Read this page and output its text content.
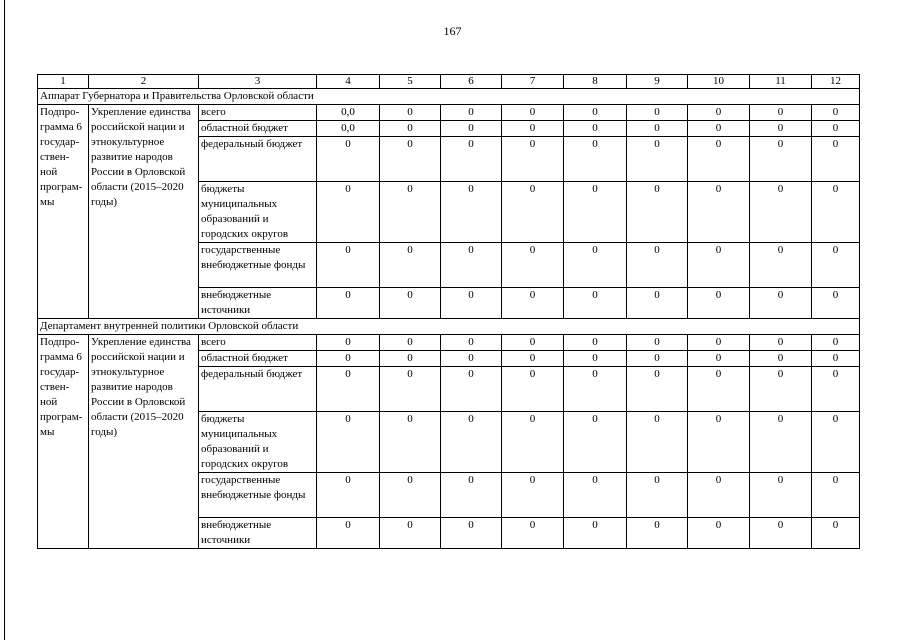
167
1	2	3	4	5	6	7	8	9	10	11	12
Аппарат Губернатора и Правительства Орловской области											
Подпро-грамма 6 государ-ствен-ной програм-мы	Укрепление единства российской нации и этнокультурное развитие народов России в Орловской области (2015–2020 годы)	всего	0,0	0	0	0	0	0	0	0	0
		областной бюджет	0,0	0	0	0	0	0	0	0	0
		федеральный бюджет	0	0	0	0	0	0	0	0	0
		бюджеты муниципальных образований и городских округов	0	0	0	0	0	0	0	0	0
		государственные внебюджетные фонды	0	0	0	0	0	0	0	0	0
		внебюджетные источники	0	0	0	0	0	0	0	0	0
Департамент внутренней политики Орловской области											
Подпро-грамма 6 государ-ствен-ной програм-мы	Укрепление единства российской нации и этнокультурное развитие народов России в Орловской области (2015–2020 годы)	всего	0	0	0	0	0	0	0	0	0
		областной бюджет	0	0	0	0	0	0	0	0	0
		федеральный бюджет	0	0	0	0	0	0	0	0	0
		бюджеты муниципальных образований и городских округов	0	0	0	0	0	0	0	0	0
		государственные внебюджетные фонды	0	0	0	0	0	0	0	0	0
		внебюджетные источники	0	0	0	0	0	0	0	0	0
